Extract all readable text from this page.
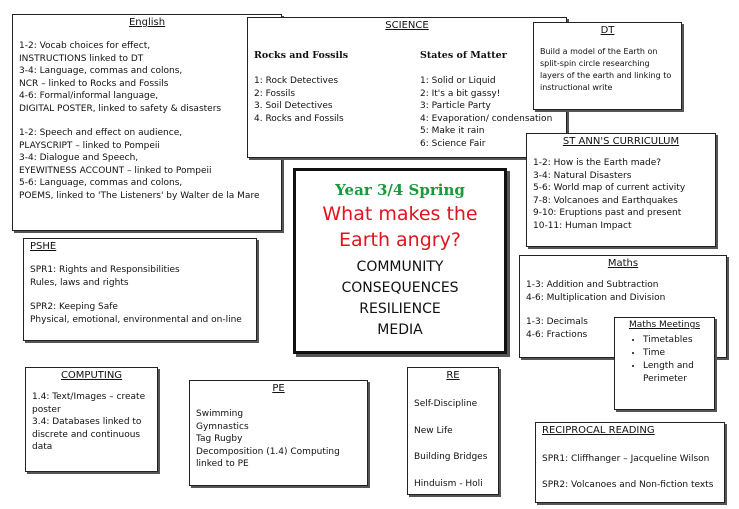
English
1-2: Vocab choices for effect,
INSTRUCTIONS linked to DT
3-4: Language, commas and colons,
NCR – linked to Rocks and Fossils
4-6: Formal/informal language,
DIGITAL POSTER, linked to safety & disasters
1-2: Speech and effect on audience,
PLAYSCRIPT – linked to Pompeii
3-4: Dialogue and Speech,
EYEWITNESS ACCOUNT – linked to Pompeii
5-6: Language, commas and colons,
POEMS, linked to 'The Listeners' by Walter de la Mare
SCIENCE
Rocks and Fossils
1: Rock Detectives
2: Fossils
3. Soil Detectives
4. Rocks and Fossils
States of Matter
1: Solid or Liquid
2: It's a bit gassy!
3: Particle Party
4: Evaporation/ condensation
5: Make it rain
6: Science Fair
DT
Build a model of the Earth on
split-spin circle researching
layers of the earth and linking to
instructional write
ST ANN'S CURRICULUM
1-2: How is the Earth made?
3-4: Natural Disasters
5-6: World map of current activity
7-8: Volcanoes and Earthquakes
9-10: Eruptions past and present
10-11: Human Impact
Year 3/4 Spring
What makes the
Earth angry?
COMMUNITY
CONSEQUENCES
RESILIENCE
MEDIA
PSHE
SPR1: Rights and Responsibilities
Rules, laws and rights
SPR2: Keeping Safe
Physical, emotional, environmental and on-line
Maths
1-3: Addition and Subtraction
4-6: Multiplication and Division
1-3: Decimals
4-6: Fractions
Maths Meetings
• Timetables
• Time
• Length and Perimeter
COMPUTING
1.4: Text/Images – create
poster
3.4: Databases linked to
discrete and continuous
data
PE
Swimming
Gymnastics
Tag Rugby
Decomposition (1.4) Computing
linked to PE
RE
Self-Discipline
New Life
Building Bridges
Hinduism - Holi
RECIPROCAL READING
SPR1: Cliffhanger – Jacqueline Wilson
SPR2: Volcanoes and Non-fiction texts
